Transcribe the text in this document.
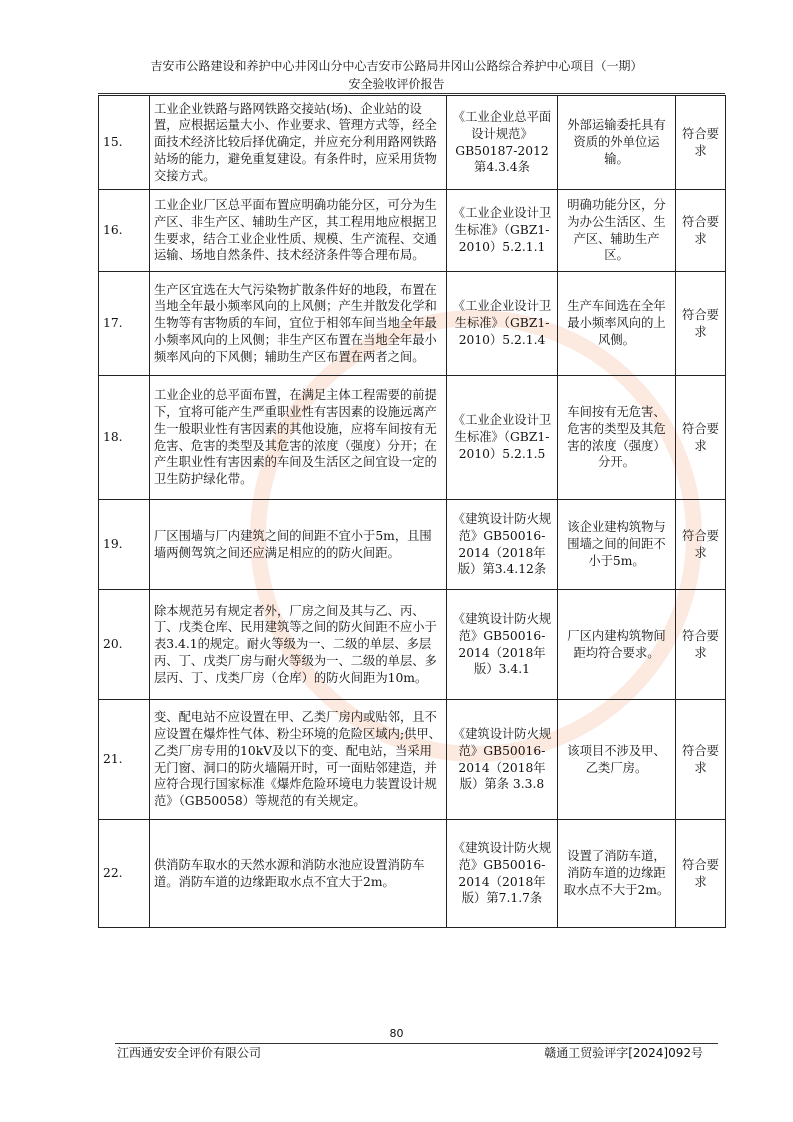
吉安市公路建设和养护中心井冈山分中心吉安市公路局井冈山公路综合养护中心项目（一期）
安全验收评价报告
15.	工业企业铁路与路网铁路交接站(场)、企业站的设置，应根据运量大小、作业要求、管理方式等，经全面技术经济比较后择优确定，并应充分利用路网铁路站场的能力，避免重复建设。有条件时，应采用货物交接方式。	《工业企业总平面设计规范》GB50187-2012 第4.3.4条	外部运输委托具有资质的外单位运输。	符合要求
16.	工业企业厂区总平面布置应明确功能分区，可分为生产区、非生产区、辅助生产区，其工程用地应根据卫生要求，结合工业企业性质、规模、生产流程、交通运输、场地自然条件、技术经济条件等合理布局。	《工业企业设计卫生标准》（GBZ1-2010）5.2.1.1	明确功能分区，分为办公生活区、生产区、辅助生产区。	符合要求
17.	生产区宜选在大气污染物扩散条件好的地段，布置在当地全年最小频率风向的上风侧；产生并散发化学和生物等有害物质的车间，宜位于相邻车间当地全年最小频率风向的上风侧；非生产区布置在当地全年最小频率风向的下风侧；辅助生产区布置在两者之间。	《工业企业设计卫生标准》（GBZ1-2010）5.2.1.4	生产车间选在全年最小频率风向的上风侧。	符合要求
18.	工业企业的总平面布置，在满足主体工程需要的前提下，宜将可能产生严重职业性有害因素的设施远离产生一般职业性有害因素的其他设施，应将车间按有无危害、危害的类型及其危害的浓度（强度）分开；在产生职业性有害因素的车间及生活区之间宜设一定的卫生防护绿化带。	《工业企业设计卫生标准》（GBZ1-2010）5.2.1.5	车间按有无危害、危害的类型及其危害的浓度（强度）分开。	符合要求
19.	厂区围墙与厂内建筑之间的间距不宜小于5m，且围墙两侧驾筑之间还应满足相应的的防火间距。	《建筑设计防火规范》GB50016-2014（2018年版）第3.4.12条	该企业建构筑物与围墙之间的间距不小于5m。	符合要求
20.	除本规范另有规定者外，厂房之间及其与乙、丙、丁、戊类仓库、民用建筑等之间的防火间距不应小于表3.4.1的规定。耐火等级为一、二级的单层、多层丙、丁、戊类厂房与耐火等级为一、二级的单层、多层丙、丁、戊类厂房（仓库）的防火间距为10m。	《建筑设计防火规范》GB50016-2014（2018年版）3.4.1	厂区内建构筑物间距均符合要求。	符合要求
21.	变、配电站不应设置在甲、乙类厂房内或贴邻，且不应设置在爆炸性气体、粉尘环境的危险区域内;供甲、乙类厂房专用的10kV及以下的变、配电站，当采用无门窗、洞口的防火墙隔开时，可一面贴邻建造，并应符合现行国家标准《爆炸危险环境电力装置设计规范》（GB50058）等规范的有关规定。	《建筑设计防火规范》GB50016-2014（2018年版）第条 3.3.8	该项目不涉及甲、乙类厂房。	符合要求
22.	供消防车取水的天然水源和消防水池应设置消防车道。消防车道的边缘距取水点不宜大于2m。	《建筑设计防火规范》GB50016-2014（2018年版）第7.1.7条	设置了消防车道，消防车道的边缘距取水点不大于2m。	符合要求
80
江西通安安全评价有限公司	赣通工贸验评字[2024]092号
